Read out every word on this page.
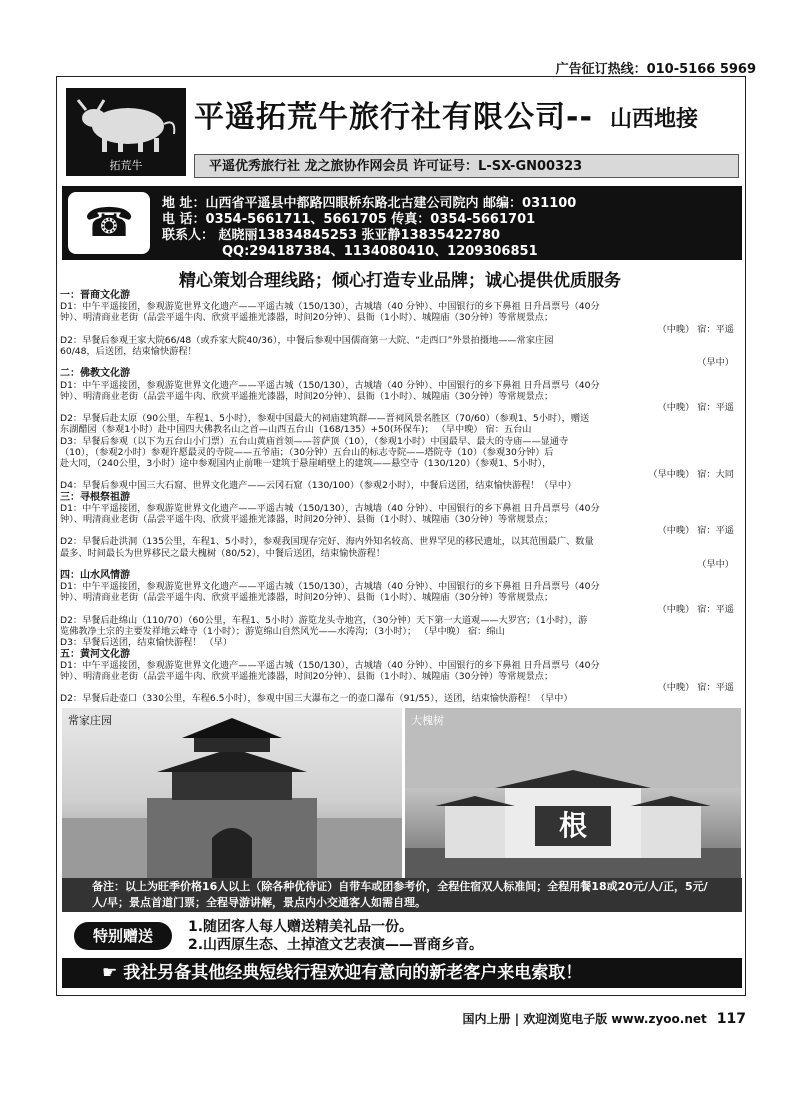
广告征订热线：010-5166 5969
拓荒牛
平遥拓荒牛旅行社有限公司-- 山西地接
平遥优秀旅行社 龙之旅协作网会员 许可证号：L-SX-GN00323
☎	地 址：山西省平遥县中都路四眼桥东路北古建公司院内 邮编：031100
电 话：0354-5661711、5661705 传真：0354-5661701
联系人： 赵晓丽13834845253 张亚静13835422780
QQ:294187384、1134080410、1209306851
精心策划合理线路；倾心打造专业品牌；诚心提供优质服务
一：晋商文化游
D1：中午平遥接团，参观游览世界文化遗产——平遥古城（150/130），古城墙（40 分钟）、中国银行的乡下鼻祖 日升昌票号（40分
钟）、明清商业老街（品尝平遥牛肉、欣赏平遥推光漆器，时间20分钟）、县衙（1小时）、城隍庙（30分钟）等常规景点；
（中晚） 宿：平遥
D2：早餐后参观王家大院66/48（或乔家大院40/36），中餐后参观中国儒商第一大院、“走西口”外景拍摄地——常家庄园
60/48，后送团，结束愉快游程！
（早中）
二：佛教文化游
D1：中午平遥接团，参观游览世界文化遗产——平遥古城（150/130），古城墙（40 分钟）、中国银行的乡下鼻祖 日升昌票号（40分
钟）、明清商业老街（品尝平遥牛肉、欣赏平遥推光漆器，时间20分钟）、县衙（1小时）、城隍庙（30分钟）等常规景点；
（中晚） 宿：平遥
D2：早餐后赴太原（90公里，车程1、5小时），参观中国最大的祠庙建筑群——晋祠风景名胜区（70/60）（参观1、5小时），赠送
东湖醋园（参观1小时）赴中国四大佛教名山之首—山西五台山（168/135）+50(环保车)； （早中晚） 宿：五台山
D3：早餐后参观（以下为五台山小门票）五台山黄庙首领——菩萨顶（10），（参观1小时）中国最早、最大的寺庙——显通寺
（10），（参观2小时）参观许愿最灵的寺院——五爷庙；（30分钟）五台山的标志寺院——塔院寺（10）（参观30分钟）后
赴大同，（240公里，3小时）途中参观国内止前唯一建筑于悬崖峭壁上的建筑——悬空寺（130/120）（参观1、5小时），
（早中晚） 宿：大同
D4：早餐后参观中国三大石窟、世界文化遗产——云冈石窟（130/100）（参观2小时），中餐后送团，结束愉快游程！（早中）
三：寻根祭祖游
D1：中午平遥接团，参观游览世界文化遗产——平遥古城（150/130），古城墙（40 分钟）、中国银行的乡下鼻祖 日升昌票号（40分
钟）、明清商业老街（品尝平遥牛肉、欣赏平遥推光漆器，时间20分钟）、县衙（1小时）、城隍庙（30分钟）等常规景点；
（中晚） 宿：平遥
D2：早餐后赴洪洞（135公里，车程1、5小时），参观我国现存完好、海内外知名较高、世界罕见的移民遗址，以其范围最广、数量
最多、时间最长为世界移民之最大槐树（80/52），中餐后送团，结束愉快游程！
（早中）
四：山水风情游
D1：中午平遥接团，参观游览世界文化遗产——平遥古城（150/130），古城墙（40 分钟）、中国银行的乡下鼻祖 日升昌票号（40分
钟）、明清商业老街（品尝平遥牛肉、欣赏平遥推光漆器，时间20分钟）、县衙（1小时）、城隍庙（30分钟）等常规景点；
（中晚） 宿：平遥
D2：早餐后赴绵山（110/70）（60公里，车程1、5小时）游览龙头寺地宫，（30分钟）天下第一大道观——大罗宫；（1小时），游
览佛教净土宗的主要发祥地云峰寺（1小时）；游览绵山自然风光——水涛沟；（3小时）； （早中晚） 宿：绵山
D3：早餐后送团，结束愉快游程！ （早）
五：黄河文化游
D1：中午平遥接团，参观游览世界文化遗产——平遥古城（150/130），古城墙（40 分钟）、中国银行的乡下鼻祖 日升昌票号（40分
钟）、明清商业老街（品尝平遥牛肉、欣赏平遥推光漆器，时间20分钟）、县衙（1小时）、城隍庙（30分钟）等常规景点；
（中晚） 宿：平遥
D2：早餐后赴壶口（330公里，车程6.5小时），参观中国三大瀑布之一的壶口瀑布（91/55），送团，结束愉快游程！（早中）
常家庄园	大槐树
根
备注：以上为旺季价格16人以上（除各种优待证）自带车或团参考价，全程住宿双人标准间；全程用餐18或20元/人/正，5元/人/早；景点首道门票；全程导游讲解，景点内小交通客人如需自理。
特别赠送	1.随团客人每人赠送精美礼品一份。
2.山西原生态、土掉渣文艺表演——晋商乡音。
☛ 我社另备其他经典短线行程欢迎有意向的新老客户来电索取！
国内上册 | 欢迎浏览电子版 www.zyoo.net 117
